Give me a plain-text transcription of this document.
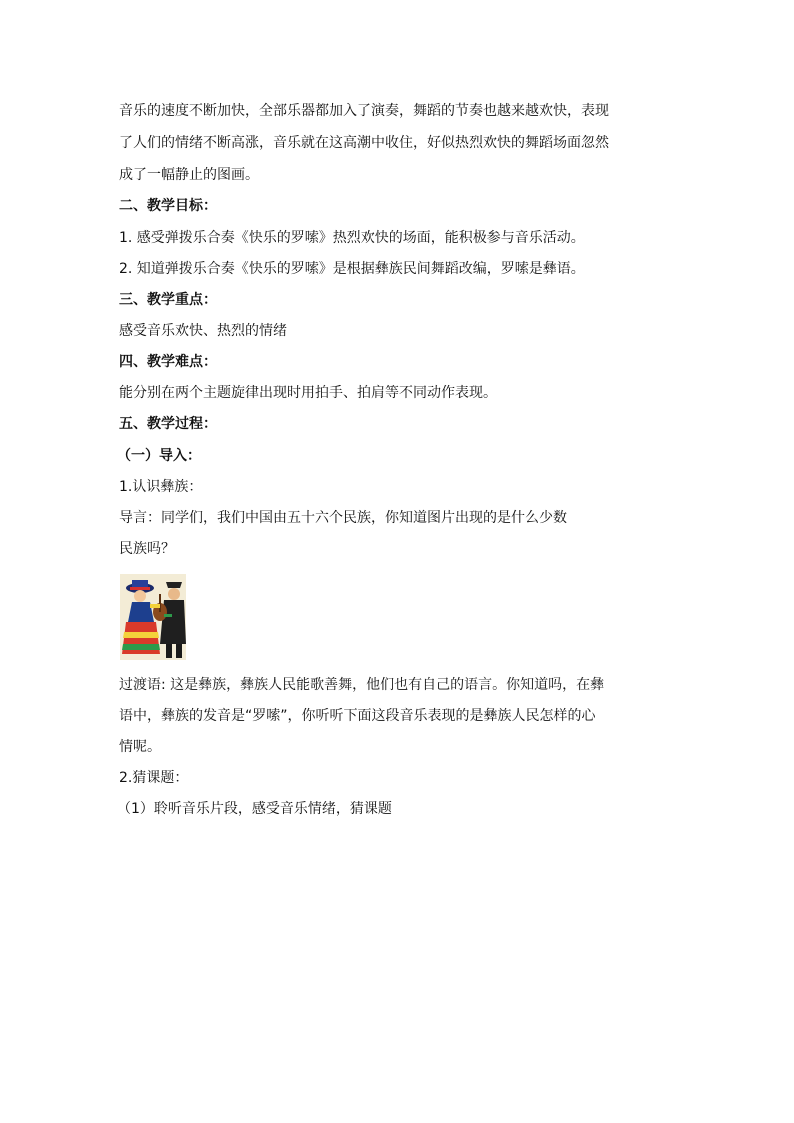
音乐的速度不断加快，全部乐器都加入了演奏，舞蹈的节奏也越来越欢快，表现
了人们的情绪不断高涨，音乐就在这高潮中收住，好似热烈欢快的舞蹈场面忽然
成了一幅静止的图画。
二、教学目标：
1. 感受弹拨乐合奏《快乐的罗嗦》热烈欢快的场面，能积极参与音乐活动。
2. 知道弹拨乐合奏《快乐的罗嗦》是根据彝族民间舞蹈改编，罗嗦是彝语。
三、教学重点：
感受音乐欢快、热烈的情绪
四、教学难点：
能分别在两个主题旋律出现时用拍手、拍肩等不同动作表现。
五、教学过程：
（一）导入：
1.认识彝族：
导言：同学们，我们中国由五十六个民族，你知道图片出现的是什么少数
民族吗？
过渡语: 这是彝族，彝族人民能歌善舞，他们也有自己的语言。你知道吗，在彝
语中，彝族的发音是“罗嗦”，你听听下面这段音乐表现的是彝族人民怎样的心
情呢。
2.猜课题：
（1）聆听音乐片段，感受音乐情绪，猜课题
